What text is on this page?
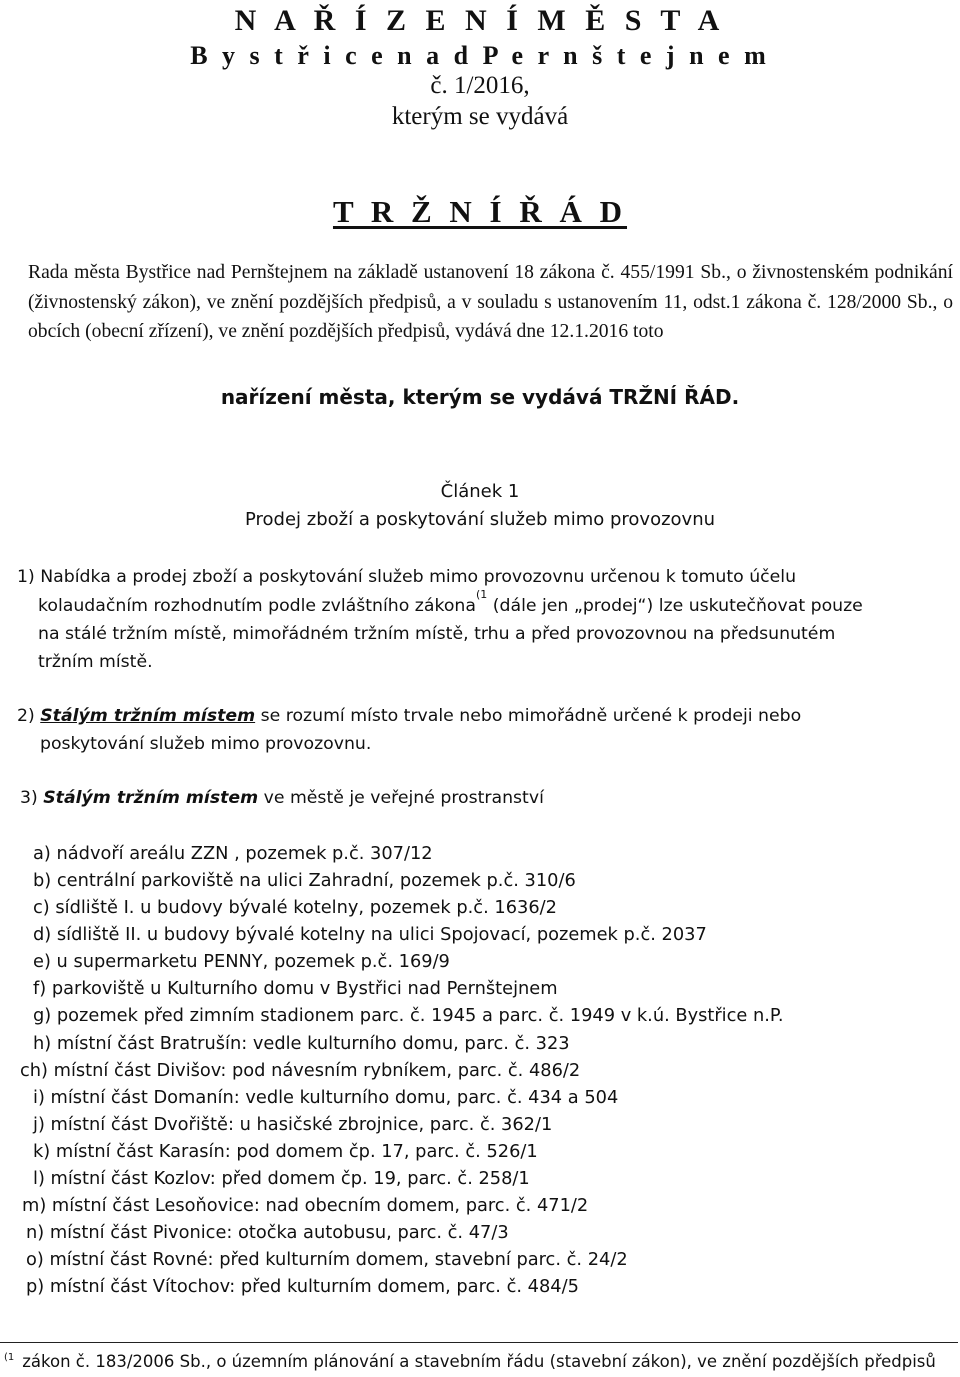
N A Ř Í Z E N Í M Ě S T A
B y s t ř i c e n a d P e r n š t e j n e m
č. 1/2016,
kterým se vydává
T R Ž N Í Ř Á D
Rada města Bystřice nad Pernštejnem na základě ustanovení 18 zákona č. 455/1991 Sb., o živnostenském podnikání (živnostenský zákon), ve znění pozdějších předpisů, a v souladu s ustanovením 11, odst.1 zákona č. 128/2000 Sb., o obcích (obecní zřízení), ve znění pozdějších předpisů, vydává dne 12.1.2016 toto
nařízení města, kterým se vydává TRŽNÍ ŘÁD.
Článek 1
Prodej zboží a poskytování služeb mimo provozovnu
1) Nabídka a prodej zboží a poskytování služeb mimo provozovnu určenou k tomuto účelu
kolaudačním rozhodnutím podle zvláštního zákona$^{(1}$ (dále jen „prodej“) lze uskutečňovat pouze
na stálé tržním místě, mimořádném tržním místě, trhu a před provozovnou na předsunutém
tržním místě.
2) Stálým tržním místem se rozumí místo trvale nebo mimořádně určené k prodeji nebo
poskytování služeb mimo provozovnu.
3) Stálým tržním místem ve městě je veřejné prostranství
a) nádvoří areálu ZZN , pozemek p.č. 307/12
b) centrální parkoviště na ulici Zahradní, pozemek p.č. 310/6
c) sídliště I. u budovy bývalé kotelny, pozemek p.č. 1636/2
d) sídliště II. u budovy bývalé kotelny na ulici Spojovací, pozemek p.č. 2037
e) u supermarketu PENNY, pozemek p.č. 169/9
f) parkoviště u Kulturního domu v Bystřici nad Pernštejnem
g) pozemek před zimním stadionem parc. č. 1945 a parc. č. 1949 v k.ú. Bystřice n.P.
h) místní část Bratrušín: vedle kulturního domu, parc. č. 323
ch) místní část Divišov: pod návesním rybníkem, parc. č. 486/2
i) místní část Domanín: vedle kulturního domu, parc. č. 434 a 504
j) místní část Dvořiště: u hasičské zbrojnice, parc. č. 362/1
k) místní část Karasín: pod domem čp. 17, parc. č. 526/1
l) místní část Kozlov: před domem čp. 19, parc. č. 258/1
m) místní část Lesoňovice: nad obecním domem, parc. č. 471/2
n) místní část Pivonice: otočka autobusu, parc. č. 47/3
o) místní část Rovné: před kulturním domem, stavební parc. č. 24/2
p) místní část Vítochov: před kulturním domem, parc. č. 484/5
$^{(1}$ zákon č. 183/2006 Sb., o územním plánování a stavebním řádu (stavební zákon), ve znění pozdějších předpisů
